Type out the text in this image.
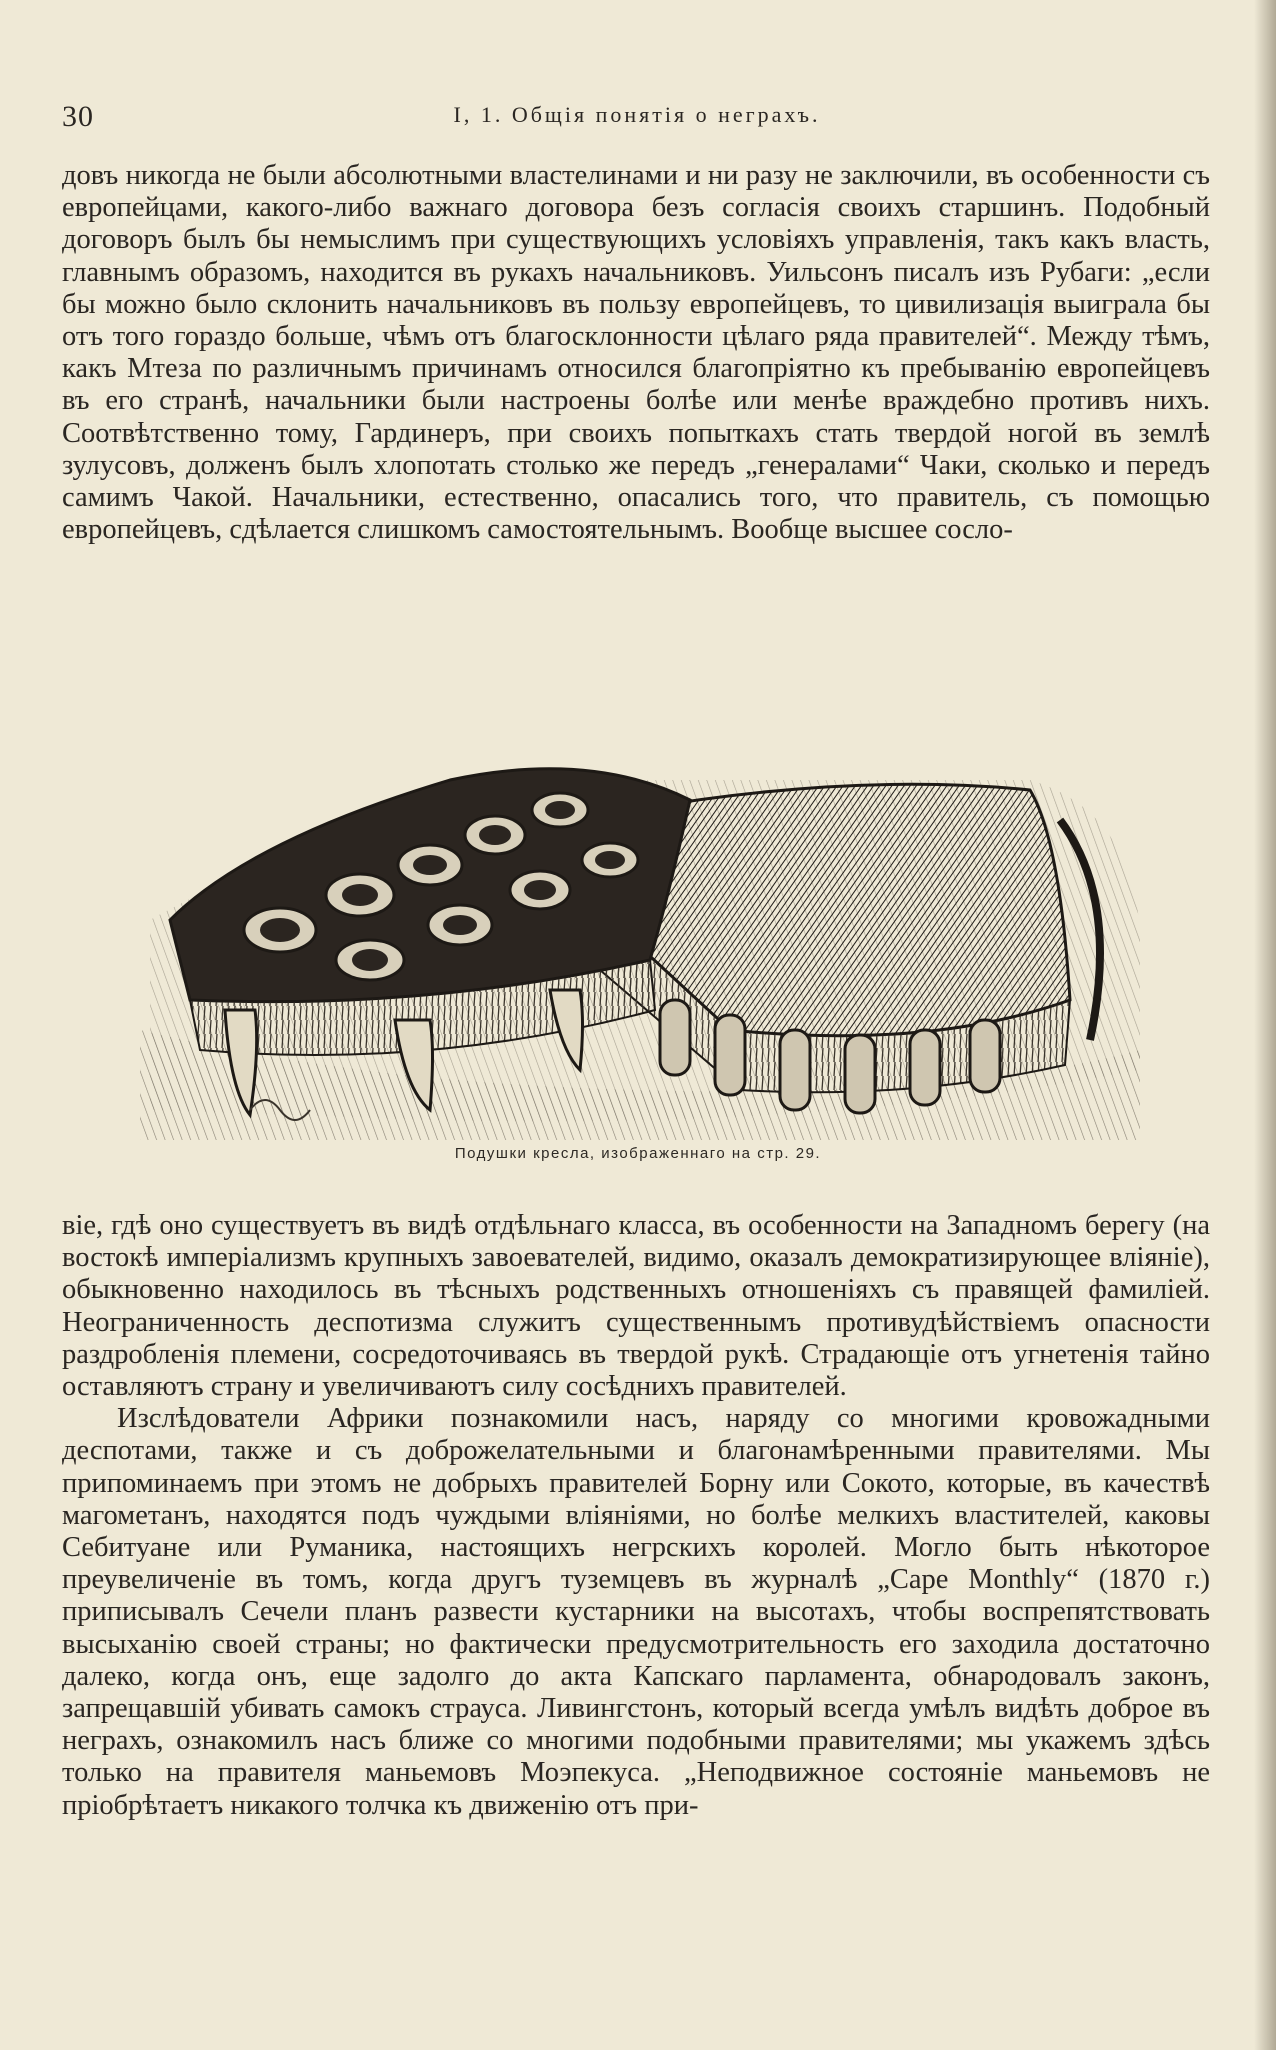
30	I, 1. Общія понятія о неграхъ.

довъ никогда не были абсолютными властелинами и ни разу не заключили, въ особенности съ европейцами, какого-либо важнаго договора безъ согласія своихъ старшинъ. Подобный договоръ былъ бы немыслимъ при существующихъ условіяхъ управленія, такъ какъ власть, главнымъ образомъ, находится въ рукахъ начальниковъ. Уильсонъ писалъ изъ Рубаги: „если бы можно было склонить начальниковъ въ пользу европейцевъ, то цивилизація выиграла бы отъ того гораздо больше, чѣмъ отъ благосклонности цѣлаго ряда правителей“. Между тѣмъ, какъ Мтеза по различнымъ причинамъ относился благопріятно къ пребыванію европейцевъ въ его странѣ, начальники были настроены болѣе или менѣе враждебно противъ нихъ. Соотвѣтственно тому, Гардинеръ, при своихъ попыткахъ стать твердой ногой въ землѣ зулусовъ, долженъ былъ хлопотать столько же передъ „генералами“ Чаки, сколько и передъ самимъ Чакой. Начальники, естественно, опасались того, что правитель, съ помощью европейцевъ, сдѣлается слишкомъ самостоятельнымъ. Вообще высшее сосло-

Подушки кресла, изображеннаго на стр. 29.

віе, гдѣ оно существуетъ въ видѣ отдѣльнаго класса, въ особенности на Западномъ берегу (на востокѣ имперіализмъ крупныхъ завоевателей, видимо, оказалъ демократизирующее вліяніе), обыкновенно находилось въ тѣсныхъ родственныхъ отношеніяхъ съ правящей фамиліей. Неограниченность деспотизма служитъ существеннымъ противудѣйствіемъ опасности раздробленія племени, сосредоточиваясь въ твердой рукѣ. Страдающіе отъ угнетенія тайно оставляютъ страну и увеличиваютъ силу сосѣднихъ правителей.

Изслѣдователи Африки познакомили насъ, наряду со многими кровожадными деспотами, также и съ доброжелательными и благонамѣренными правителями. Мы припоминаемъ при этомъ не добрыхъ правителей Борну или Сокото, которые, въ качествѣ магометанъ, находятся подъ чуждыми вліяніями, но болѣе мелкихъ властителей, каковы Себитуане или Руманика, настоящихъ негрскихъ королей. Могло быть нѣкоторое преувеличеніе въ томъ, когда другъ туземцевъ въ журналѣ „Cape Monthly“ (1870 г.) приписывалъ Сечели планъ развести кустарники на высотахъ, чтобы воспрепятствовать высыханію своей страны; но фактически предусмотрительность его заходила достаточно далеко, когда онъ, еще задолго до акта Капскаго парламента, обнародовалъ законъ, запрещавшій убивать самокъ страуса. Ливингстонъ, который всегда умѣлъ видѣть доброе въ неграхъ, ознакомилъ насъ ближе со многими подобными правителями; мы укажемъ здѣсь только на правителя маньемовъ Моэпекуса. „Неподвижное состояніе маньемовъ не пріобрѣтаетъ никакого толчка къ движенію отъ при-
